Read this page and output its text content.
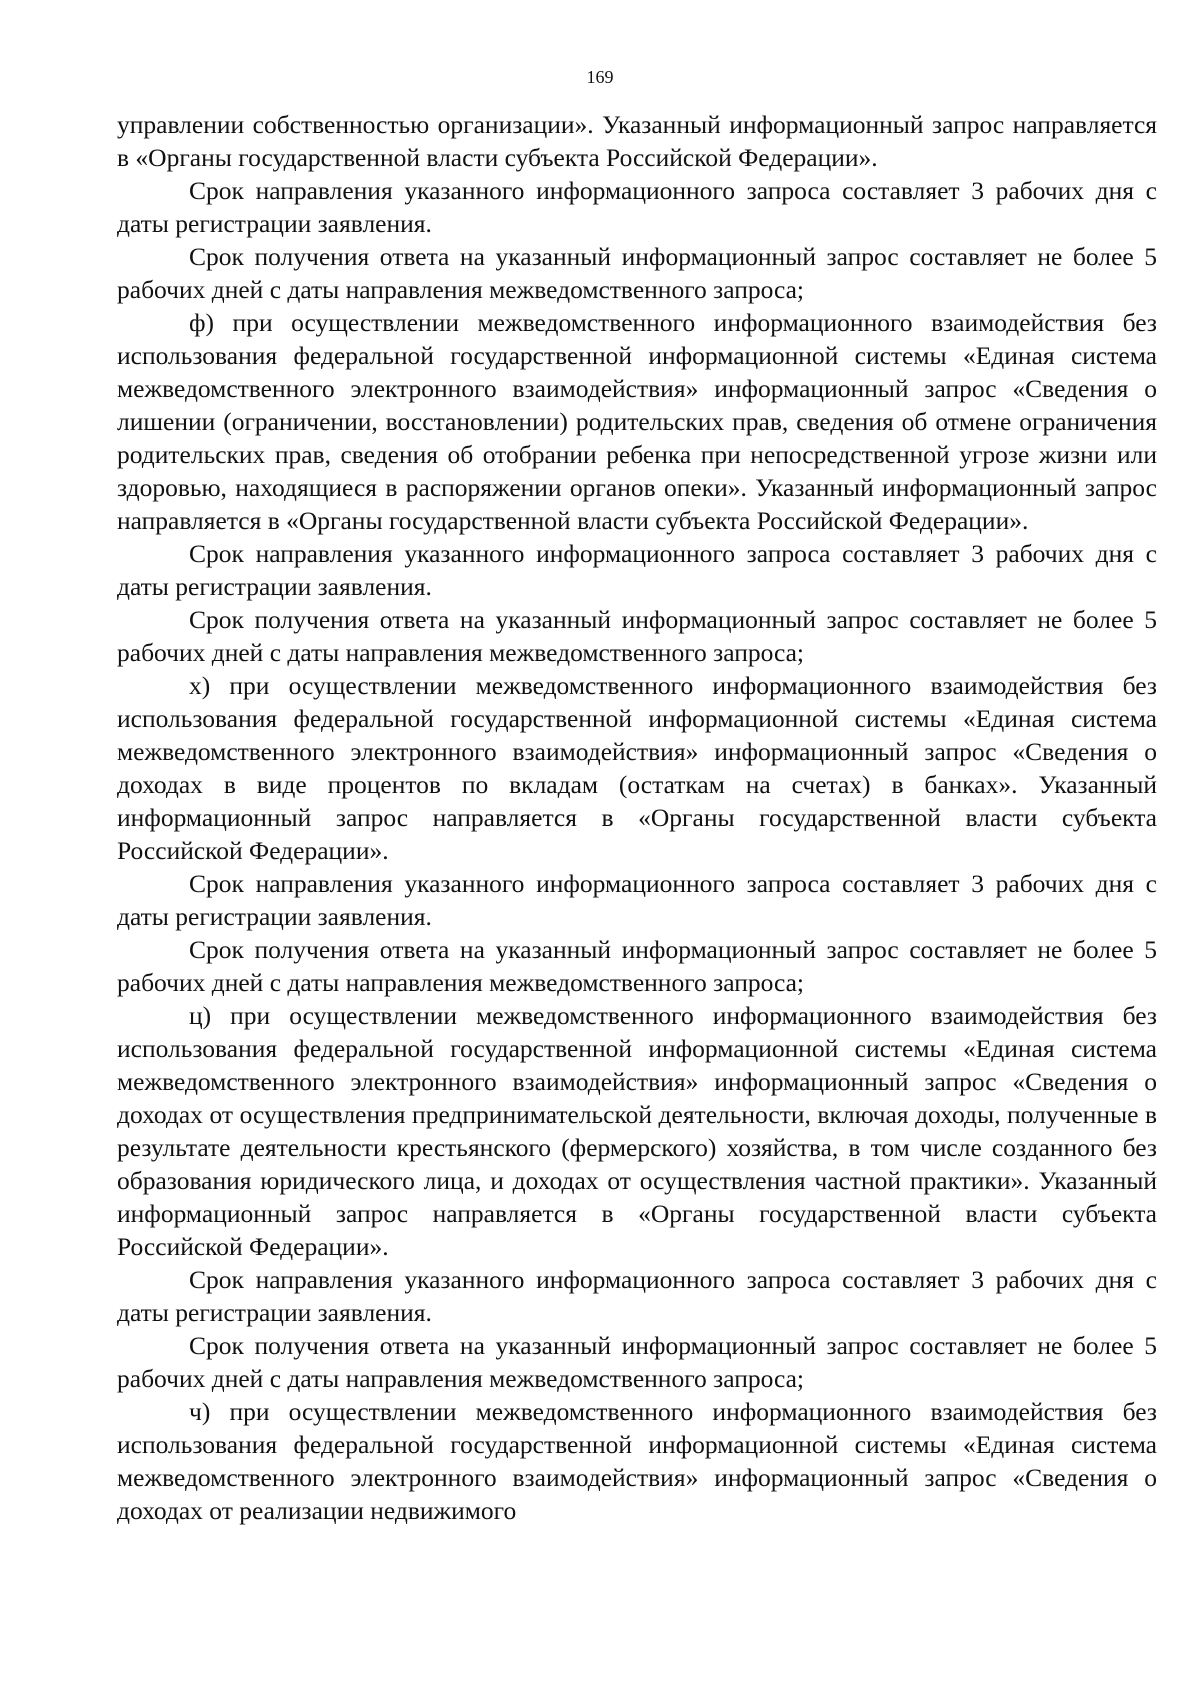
169

управлении собственностью организации». Указанный информационный запрос направляется в «Органы государственной власти субъекта Российской Федерации».

Срок направления указанного информационного запроса составляет 3 рабочих дня с даты регистрации заявления.

Срок получения ответа на указанный информационный запрос составляет не более 5 рабочих дней с даты направления межведомственного запроса;

ф) при осуществлении межведомственного информационного взаимодействия без использования федеральной государственной информационной системы «Единая система межведомственного электронного взаимодействия» информационный запрос «Сведения о лишении (ограничении, восстановлении) родительских прав, сведения об отмене ограничения родительских прав, сведения об отобрании ребенка при непосредственной угрозе жизни или здоровью, находящиеся в распоряжении органов опеки». Указанный информационный запрос направляется в «Органы государственной власти субъекта Российской Федерации».

Срок направления указанного информационного запроса составляет 3 рабочих дня с даты регистрации заявления.

Срок получения ответа на указанный информационный запрос составляет не более 5 рабочих дней с даты направления межведомственного запроса;

х) при осуществлении межведомственного информационного взаимодействия без использования федеральной государственной информационной системы «Единая система межведомственного электронного взаимодействия» информационный запрос «Сведения о доходах в виде процентов по вкладам (остаткам на счетах) в банках». Указанный информационный запрос направляется в «Органы государственной власти субъекта Российской Федерации».

Срок направления указанного информационного запроса составляет 3 рабочих дня с даты регистрации заявления.

Срок получения ответа на указанный информационный запрос составляет не более 5 рабочих дней с даты направления межведомственного запроса;

ц) при осуществлении межведомственного информационного взаимодействия без использования федеральной государственной информационной системы «Единая система межведомственного электронного взаимодействия» информационный запрос «Сведения о доходах от осуществления предпринимательской деятельности, включая доходы, полученные в результате деятельности крестьянского (фермерского) хозяйства, в том числе созданного без образования юридического лица, и доходах от осуществления частной практики». Указанный информационный запрос направляется в «Органы государственной власти субъекта Российской Федерации».

Срок направления указанного информационного запроса составляет 3 рабочих дня с даты регистрации заявления.

Срок получения ответа на указанный информационный запрос составляет не более 5 рабочих дней с даты направления межведомственного запроса;

ч) при осуществлении межведомственного информационного взаимодействия без использования федеральной государственной информационной системы «Единая система межведомственного электронного взаимодействия» информационный запрос «Сведения о доходах от реализации недвижимого
